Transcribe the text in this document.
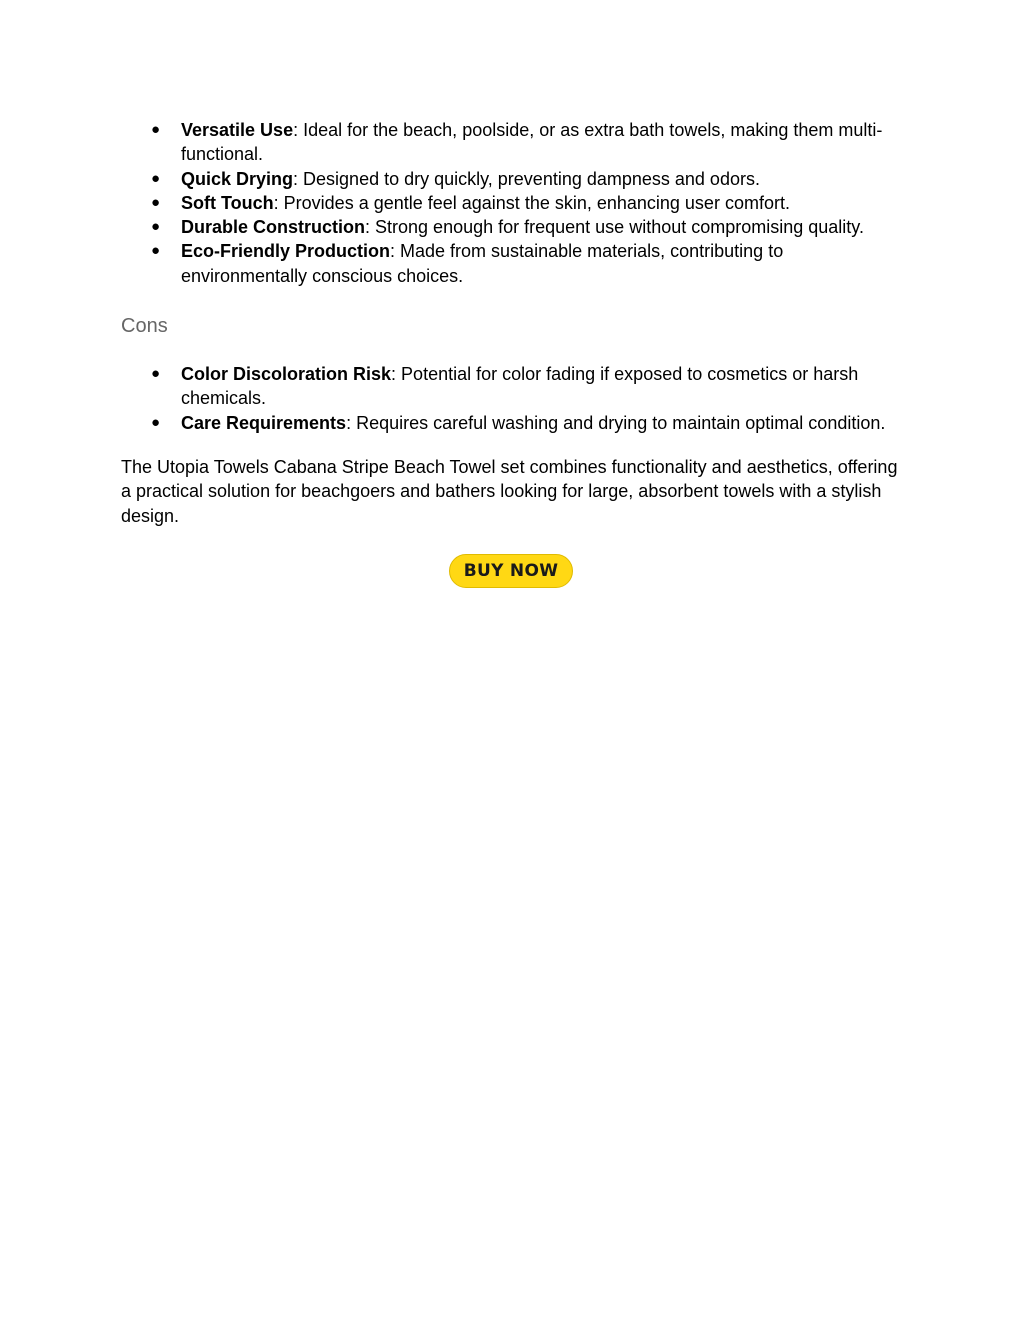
● Versatile Use: Ideal for the beach, poolside, or as extra bath towels, making them multi-functional.
● Quick Drying: Designed to dry quickly, preventing dampness and odors.
● Soft Touch: Provides a gentle feel against the skin, enhancing user comfort.
● Durable Construction: Strong enough for frequent use without compromising quality.
● Eco-Friendly Production: Made from sustainable materials, contributing to environmentally conscious choices.
Cons
● Color Discoloration Risk: Potential for color fading if exposed to cosmetics or harsh chemicals.
● Care Requirements: Requires careful washing and drying to maintain optimal condition.

The Utopia Towels Cabana Stripe Beach Towel set combines functionality and aesthetics, offering a practical solution for beachgoers and bathers looking for large, absorbent towels with a stylish design.

BUY NOW
